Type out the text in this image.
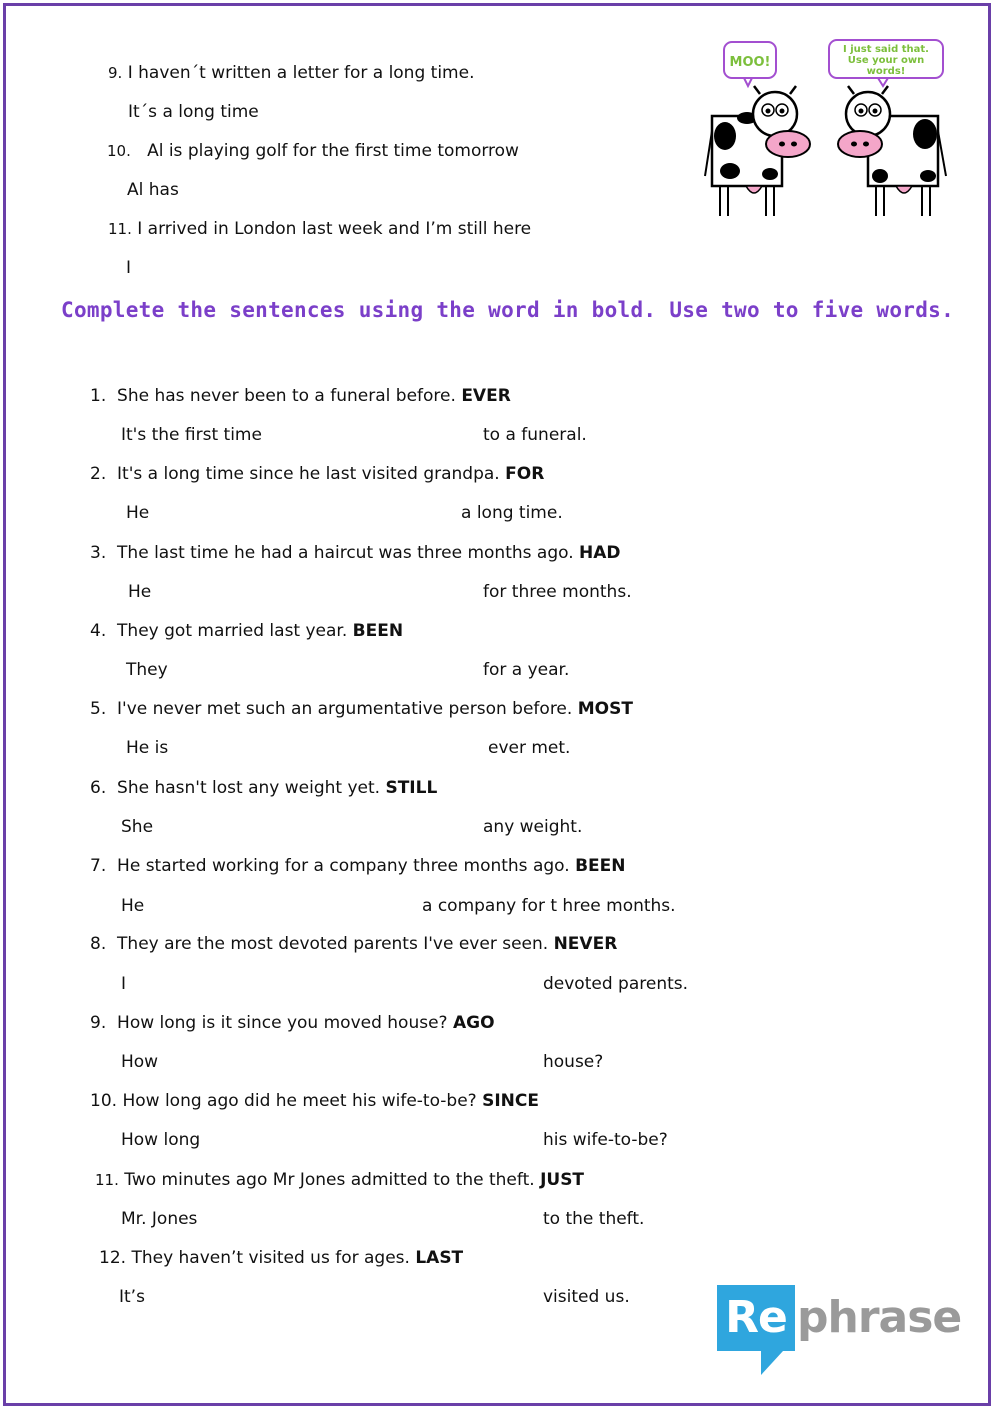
9. I haven´t written a letter for a long time.
It´s a long time
10. Al is playing golf for the first time tomorrow
Al has
11. I arrived in London last week and I’m still here
I
MOO!
I just said that.
Use your own
words!
Complete the sentences using the word in bold. Use two to five words.
1. She has never been to a funeral before. EVER
It's the first time	to a funeral.
2. It's a long time since he last visited grandpa. FOR
He	a long time.
3. The last time he had a haircut was three months ago. HAD
He	for three months.
4. They got married last year. BEEN
They	for a year.
5. I've never met such an argumentative person before. MOST
He is	ever met.
6. She hasn't lost any weight yet. STILL
She	any weight.
7. He started working for a company three months ago. BEEN
He	a company for t hree months.
8. They are the most devoted parents I've ever seen. NEVER
I	devoted parents.
9. How long is it since you moved house? AGO
How	house?
10. How long ago did he meet his wife-to-be? SINCE
How long	his wife-to-be?
11. Two minutes ago Mr Jones admitted to the theft. JUST
Mr. Jones	to the theft.
12. They haven’t visited us for ages. LAST
It’s	visited us. Re phrase
